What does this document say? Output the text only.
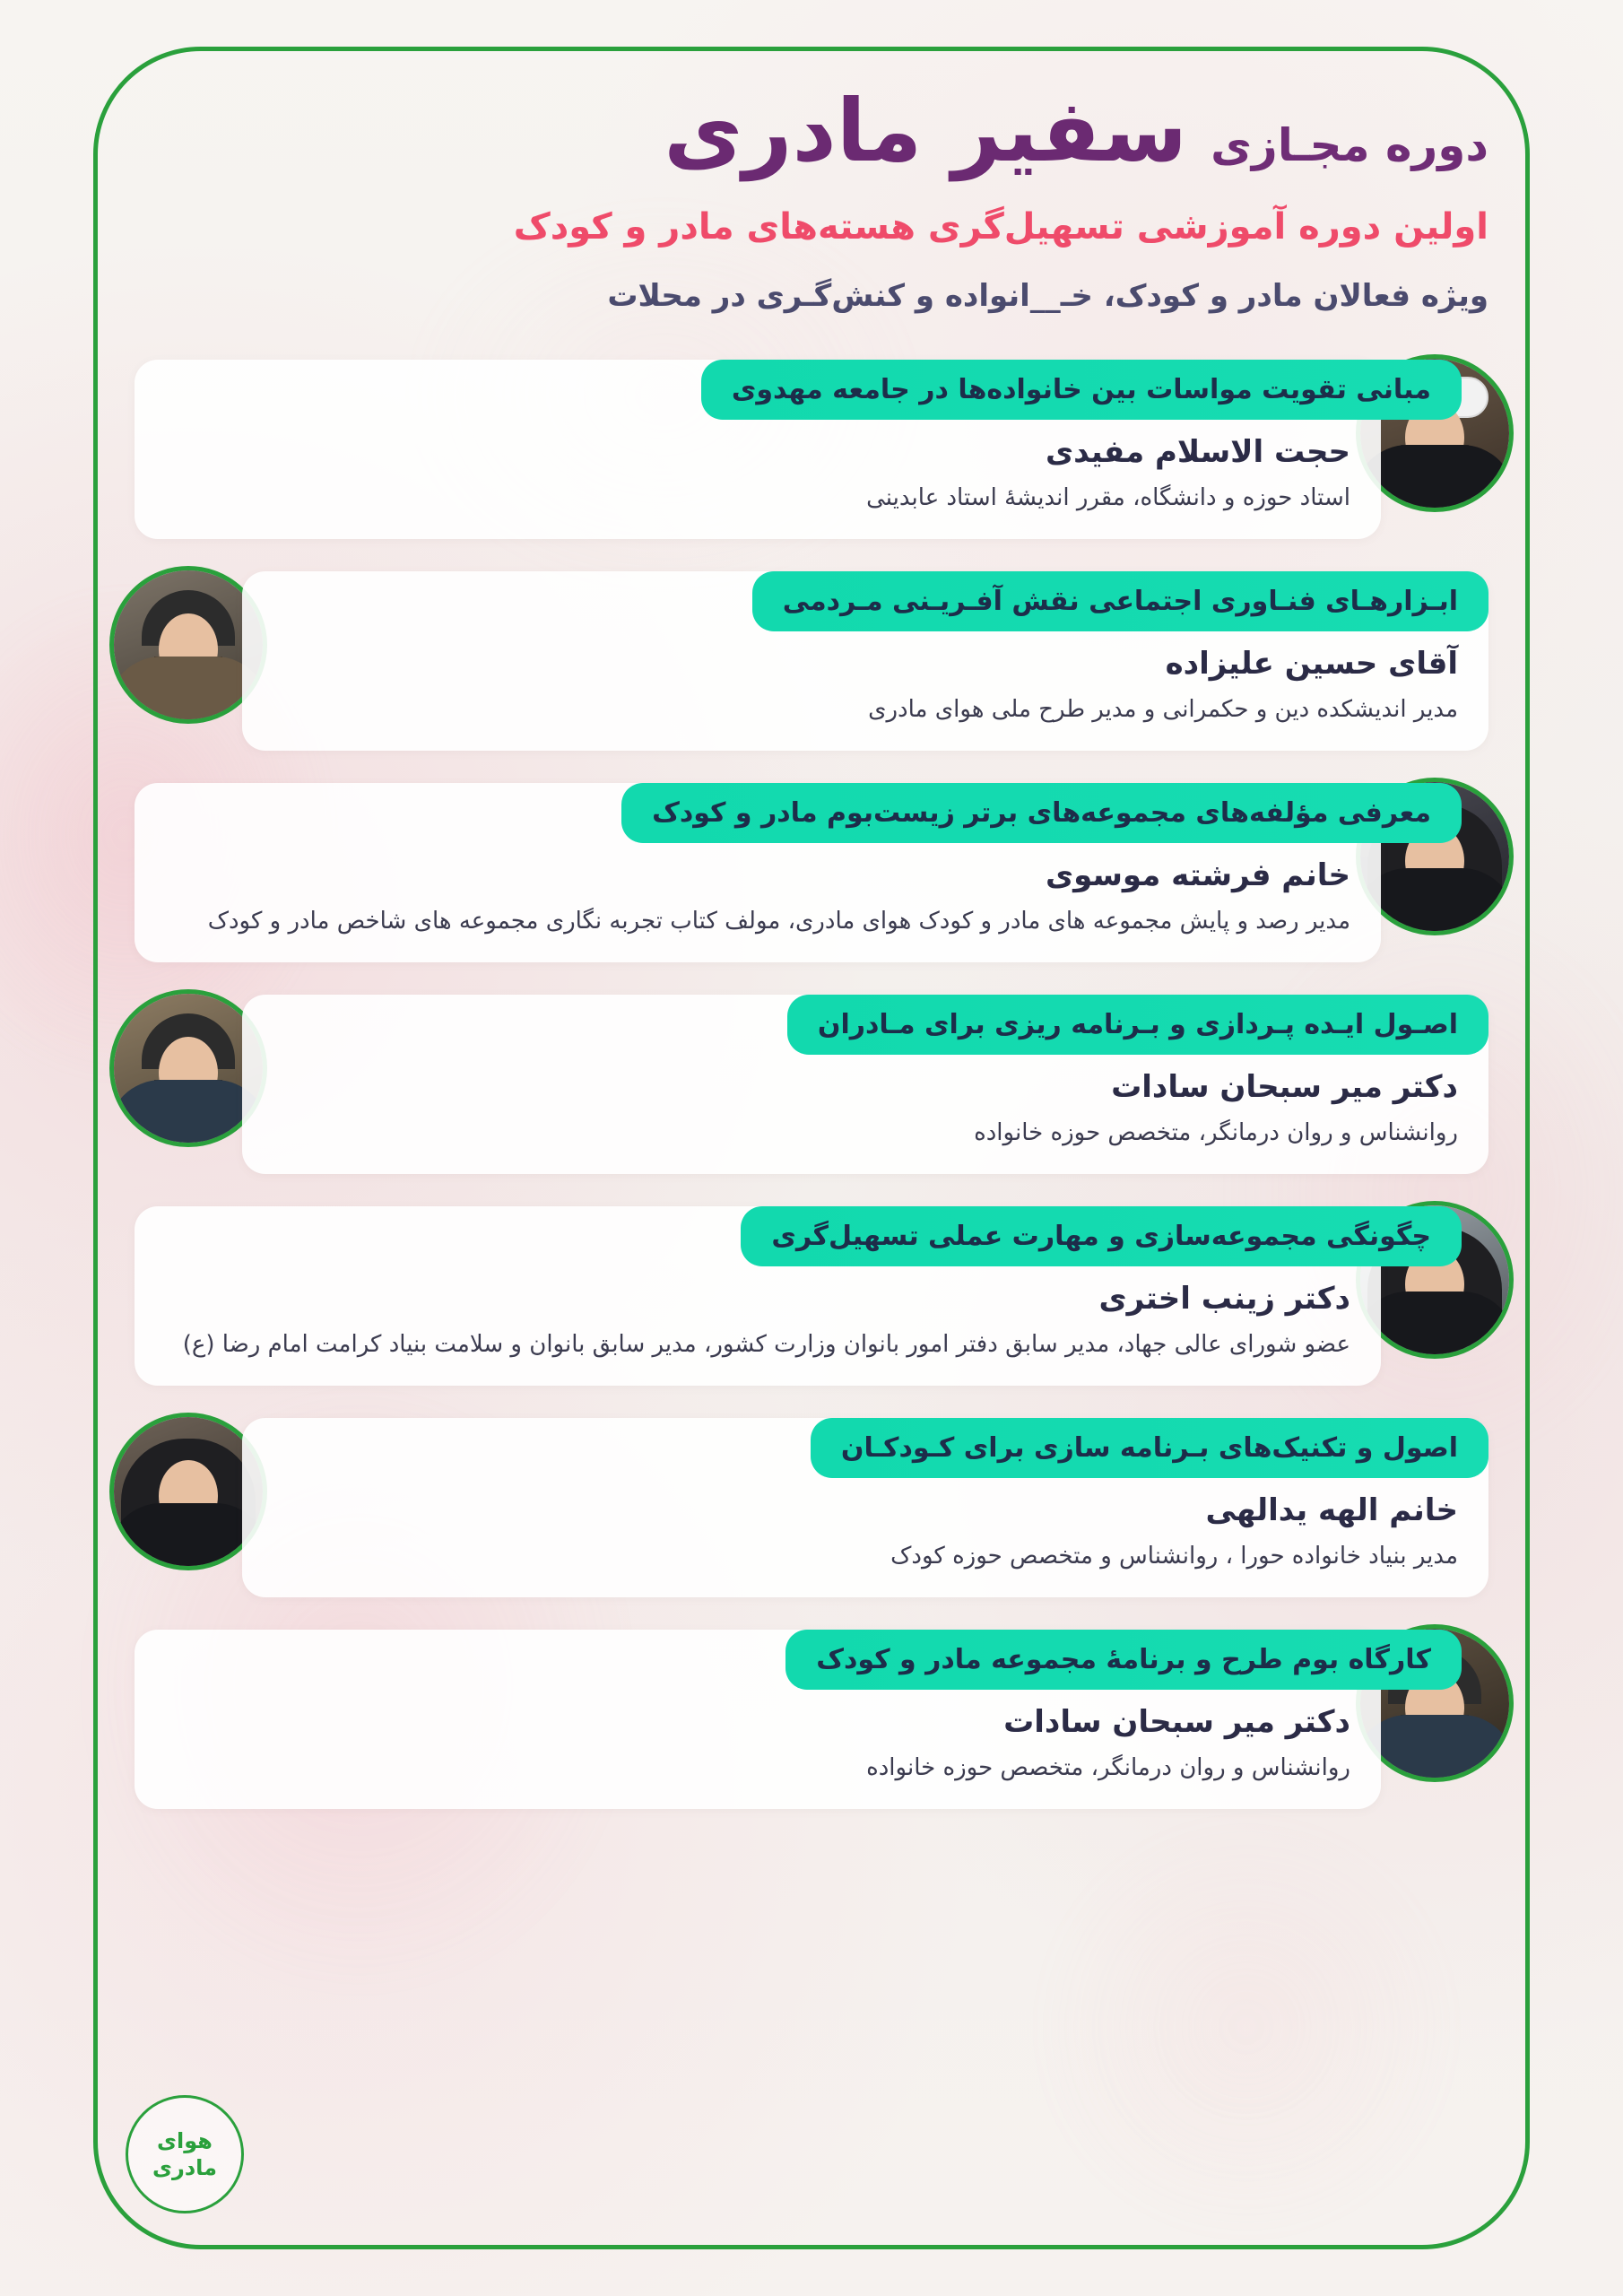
دوره مجـازی
سفیر مادری
اولین دوره آموزشی تسهیل‌گری هسته‌های مادر و کودک
ویژه فعالان مادر و کودک، خـ__انواده و کنش‌گـری در محلات
مبانی تقویت مواسات بین خانواده‌ها در جامعه مهدوی
حجت الاسلام مفیدی
استاد حوزه و دانشگاه، مقرر اندیشهٔ استاد عابدینی
ابـزارهـای فنـاوری اجتماعی نقش آفـریـنی مـردمی
آقای حسین علیزاده
مدیر اندیشکده دین و حکمرانی و مدیر طرح ملی هوای مادری
معرفی مؤلفه‌های مجموعه‌های برتر زیست‌بوم مادر و کودک
خانم فرشته موسوی
مدیر رصد و پایش مجموعه های مادر و کودک هوای مادری، مولف کتاب تجربه نگاری مجموعه های شاخص مادر و کودک
اصـول ایـده پـردازی و بـرنامه ریزی برای مـادران
دکتر میر سبحان سادات
روانشناس و روان درمانگر، متخصص حوزه خانواده
چگونگی مجموعه‌سازی و مهارت عملی تسهیل‌گری
دکتر زینب اختری
عضو شورای عالی جهاد، مدیر سابق دفتر امور بانوان وزارت کشور، مدیر سابق بانوان و سلامت بنیاد کرامت امام رضا (ع)
اصول و تکنیک‌های بـرنامه سازی برای کـودکـان
خانم الهه یدالهی
مدیر بنیاد خانواده حورا ، روانشناس و متخصص حوزه کودک
کارگاه بوم طرح و برنامهٔ مجموعه مادر و کودک
دکتر میر سبحان سادات
روانشناس و روان درمانگر، متخصص حوزه خانواده
هوای مادری
